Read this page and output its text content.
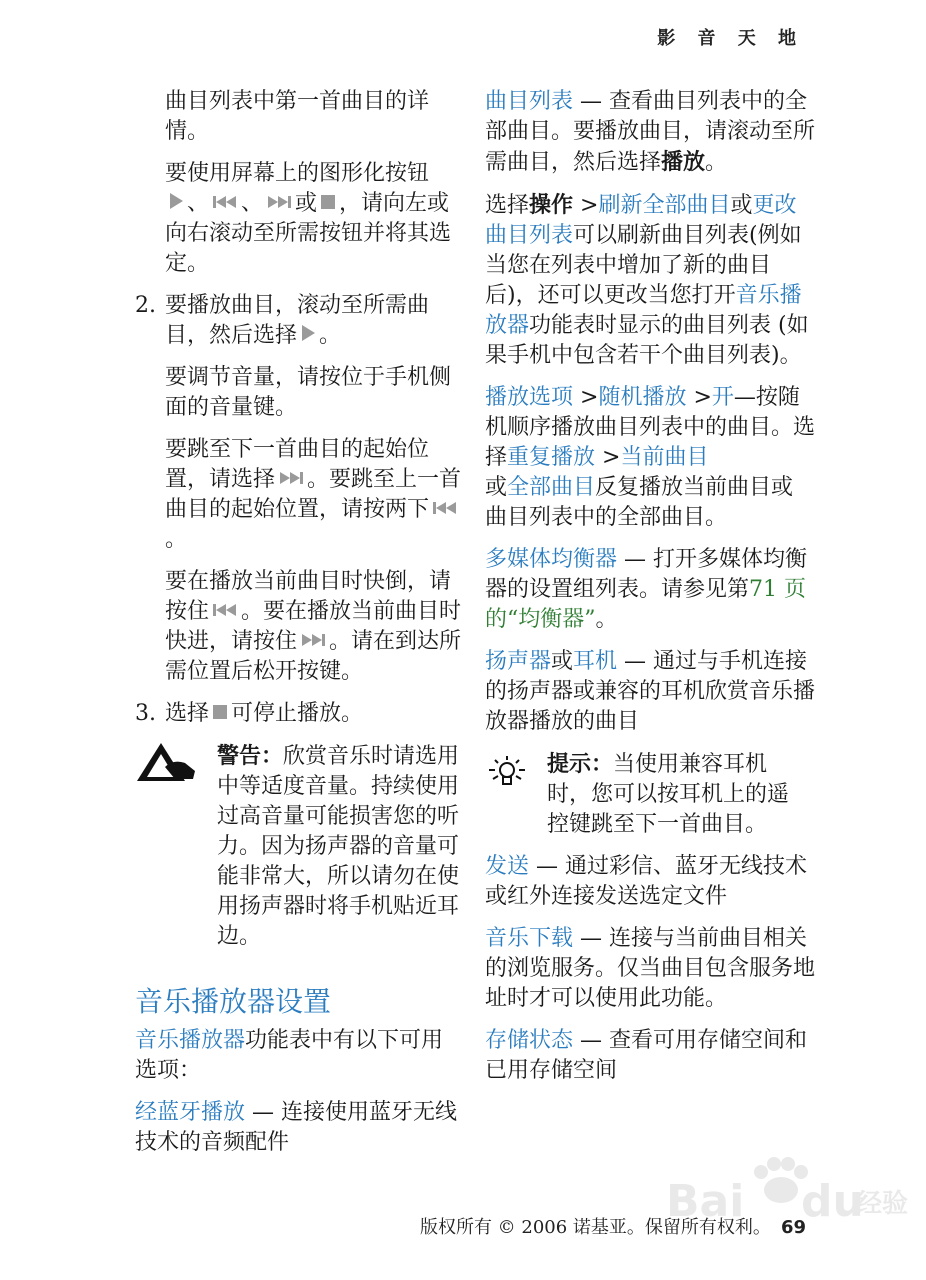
影 音 天 地
曲目列表中第一首曲目的详情。
要使用屏幕上的图形化按钮
、 、 或 ，请向左或向右滚动至所需按钮并将其选定。
2. 要播放曲目，滚动至所需曲目，然后选择 。
要调节音量，请按位于手机侧面的音量键。
要跳至下一首曲目的起始位置，请选择 。要跳至上一首曲目的起始位置，请按两下。
要在播放当前曲目时快倒，请按住 。要在播放当前曲目时快进，请按住 。请在到达所需位置后松开按键。
3. 选择 可停止播放。
警告：欣赏音乐时请选用中等适度音量。持续使用过高音量可能损害您的听力。因为扬声器的音量可能非常大，所以请勿在使用扬声器时将手机贴近耳边。
音乐播放器设置
音乐播放器功能表中有以下可用选项：
经蓝牙播放 — 连接使用蓝牙无线技术的音频配件
曲目列表 — 查看曲目列表中的全部曲目。要播放曲目，请滚动至所需曲目，然后选择播放。
选择操作 >刷新全部曲目或更改曲目列表可以刷新曲目列表(例如当您在列表中增加了新的曲目后)，还可以更改当您打开音乐播放器功能表时显示的曲目列表 (如果手机中包含若干个曲目列表)。
播放选项 >随机播放 >开—按随机顺序播放曲目列表中的曲目。选择重复播放 >当前曲目
或全部曲目反复播放当前曲目或曲目列表中的全部曲目。
多媒体均衡器 — 打开多媒体均衡器的设置组列表。请参见第71 页的“均衡器”。
扬声器或耳机 — 通过与手机连接的扬声器或兼容的耳机欣赏音乐播放器播放的曲目
提示：当使用兼容耳机时，您可以按耳机上的遥控键跳至下一首曲目。
发送 — 通过彩信、蓝牙无线技术或红外连接发送选定文件
音乐下载 — 连接与当前曲目相关的浏览服务。仅当曲目包含服务地址时才可以使用此功能。
存储状态 — 查看可用存储空间和已用存储空间
Bai du
经验
版权所有 © 2006 诺基亚。保留所有权利。 69
